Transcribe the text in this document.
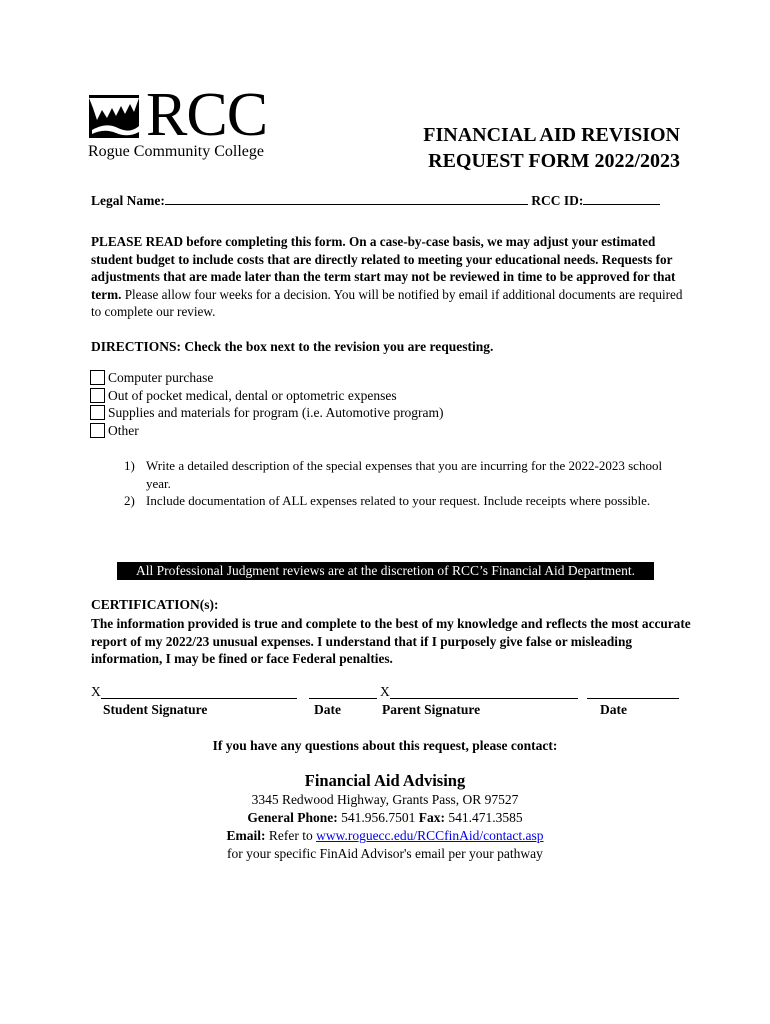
RCC
Rogue Community College
FINANCIAL AID REVISION
REQUEST FORM 2022/2023
Legal Name:	RCC ID:
PLEASE READ before completing this form. On a case-by-case basis, we may adjust your estimated student budget to include costs that are directly related to meeting your educational needs. Requests for adjustments that are made later than the term start may not be reviewed in time to be approved for that term. Please allow four weeks for a decision. You will be notified by email if additional documents are required to complete our review.
DIRECTIONS: Check the box next to the revision you are requesting.
Computer purchase
Out of pocket medical, dental or optometric expenses
Supplies and materials for program (i.e. Automotive program)
Other
1) Write a detailed description of the special expenses that you are incurring for the 2022-2023 school year.
2) Include documentation of ALL expenses related to your request. Include receipts where possible.
All Professional Judgment reviews are at the discretion of RCC’s Financial Aid Department.
CERTIFICATION(s):
The information provided is true and complete to the best of my knowledge and reflects the most accurate report of my 2022/23 unusual expenses. I understand that if I purposely give false or misleading information, I may be fined or face Federal penalties.
X	X
Student Signature	Date	Parent Signature	Date
If you have any questions about this request, please contact:
Financial Aid Advising
3345 Redwood Highway, Grants Pass, OR 97527
General Phone: 541.956.7501 Fax: 541.471.3585
Email: Refer to www.roguecc.edu/RCCfinAid/contact.asp
for your specific FinAid Advisor's email per your pathway
